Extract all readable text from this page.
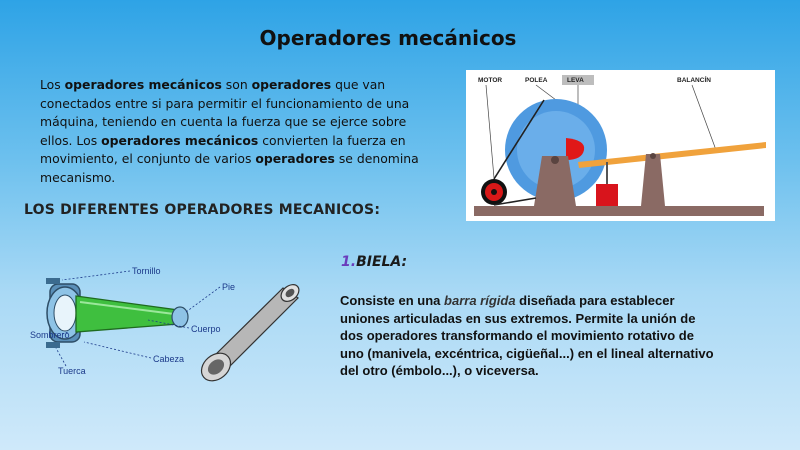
Operadores mecánicos
Los operadores mecánicos son operadores que van conectados entre si para permitir el funcionamiento de una máquina, teniendo en cuenta la fuerza que se ejerce sobre ellos. Los operadores mecánicos convierten la fuerza en movimiento, el conjunto de varios operadores se denomina mecanismo.
LOS DIFERENTES OPERADORES MECANICOS:
1.BIELA:
Consiste en una barra rígida diseñada para establecer uniones articuladas en sus extremos. Permite la unión de dos operadores transformando el movimiento rotativo de uno (manivela, excéntrica, cigüeñal...) en el lineal alternativo del otro (émbolo...), o viceversa.
MOTOR	POLEA	LEVA	BALANCÍN
Tornillo
Pie
Sombrero
Cuerpo
Cabeza
Tuerca
